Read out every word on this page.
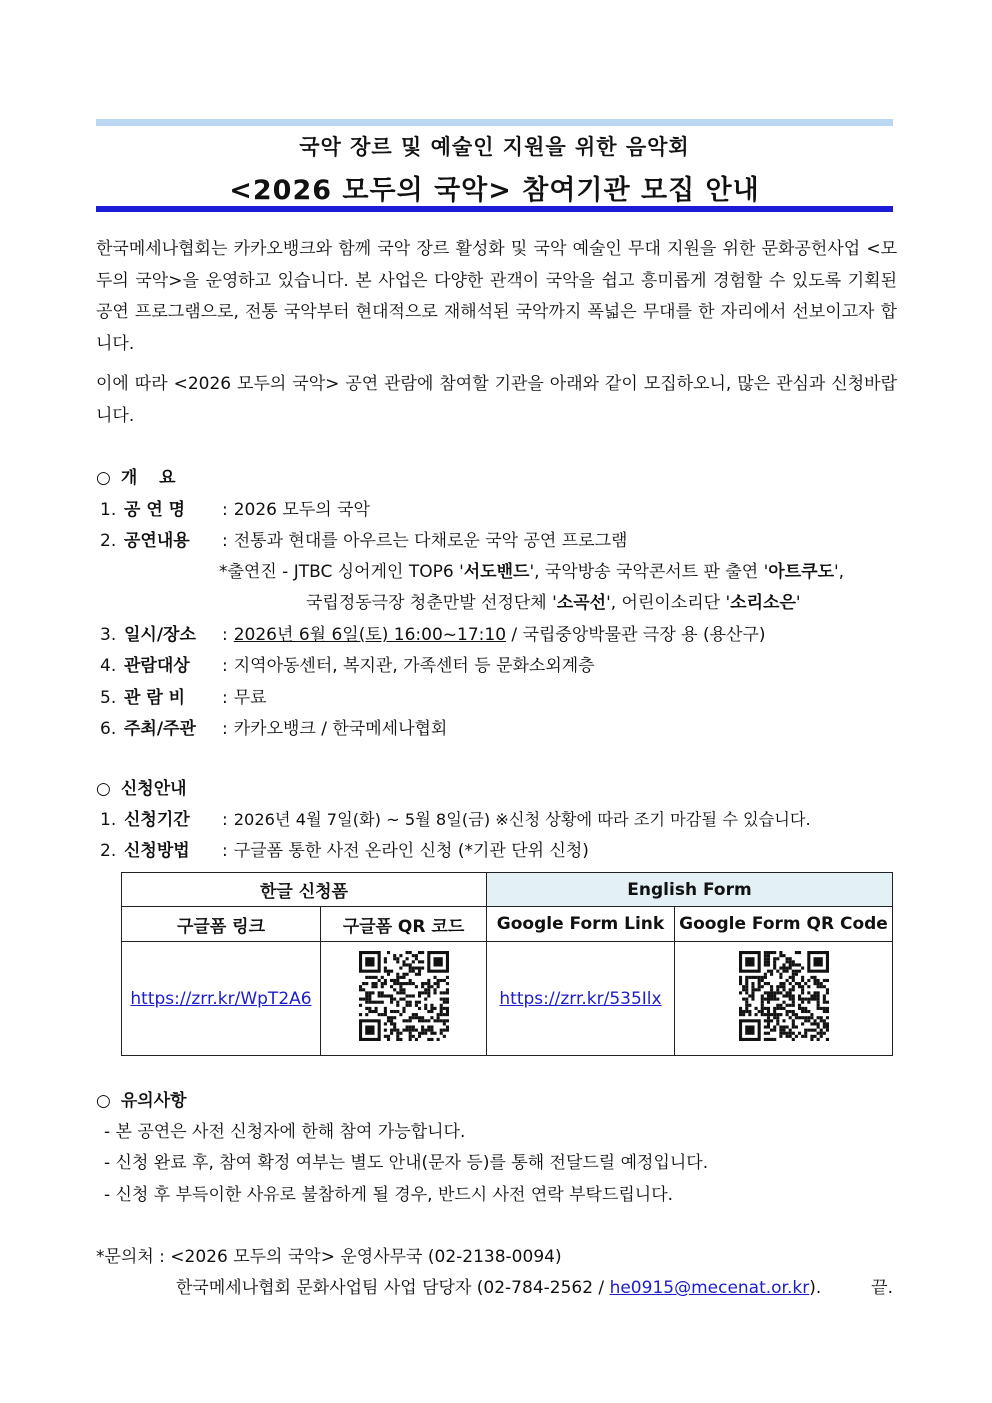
국악 장르 및 예술인 지원을 위한 음악회
<2026 모두의 국악> 참여기관 모집 안내
한국메세나협회는 카카오뱅크와 함께 국악 장르 활성화 및 국악 예술인 무대 지원을 위한 문화공헌사업 <모두의 국악>을 운영하고 있습니다. 본 사업은 다양한 관객이 국악을 쉽고 흥미롭게 경험할 수 있도록 기획된 공연 프로그램으로, 전통 국악부터 현대적으로 재해석된 국악까지 폭넓은 무대를 한 자리에서 선보이고자 합니다.
이에 따라 <2026 모두의 국악> 공연 관람에 참여할 기관을 아래와 같이 모집하오니, 많은 관심과 신청바랍니다.
○ 개 요
1. 공 연 명 : 2026 모두의 국악
2. 공연내용 : 전통과 현대를 아우르는 다채로운 국악 공연 프로그램
*출연진 - JTBC 싱어게인 TOP6 '서도밴드', 국악방송 국악콘서트 판 출연 '아트쿠도',
국립정동극장 청춘만발 선정단체 '소곡선', 어린이소리단 '소리소은'
3. 일시/장소 : 2026년 6월 6일(토) 16:00~17:10 / 국립중앙박물관 극장 용 (용산구)
4. 관람대상 : 지역아동센터, 복지관, 가족센터 등 문화소외계층
5. 관 람 비 : 무료
6. 주최/주관 : 카카오뱅크 / 한국메세나협회
○ 신청안내
1. 신청기간 : 2026년 4월 7일(화) ~ 5월 8일(금) ※신청 상황에 따라 조기 마감될 수 있습니다.
2. 신청방법 : 구글폼 통한 사전 온라인 신청 (*기관 단위 신청)
한글 신청폼		English Form	
구글폼 링크	구글폼 QR 코드	Google Form Link	Google Form QR Code
https://zrr.kr/WpT2A6		https://zrr.kr/535Ilx	
○ 유의사항
- 본 공연은 사전 신청자에 한해 참여 가능합니다.
- 신청 완료 후, 참여 확정 여부는 별도 안내(문자 등)를 통해 전달드릴 예정입니다.
- 신청 후 부득이한 사유로 불참하게 될 경우, 반드시 사전 연락 부탁드립니다.
*문의처 : <2026 모두의 국악> 운영사무국 (02-2138-0094)
한국메세나협회 문화사업팀 사업 담당자 (02-784-2562 / he0915@mecenat.or.kr).	끝.
